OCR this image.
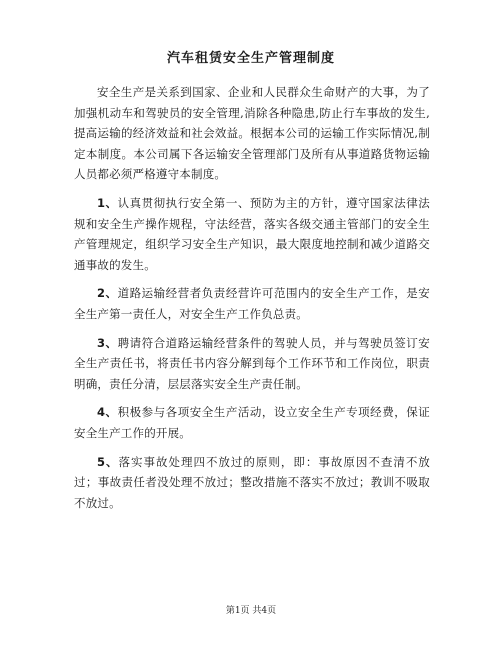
汽车租赁安全生产管理制度

安全生产是关系到国家、企业和人民群众生命财产的大事，为了加强机动车和驾驶员的安全管理,消除各种隐患,防止行车事故的发生,提高运输的经济效益和社会效益。根据本公司的运输工作实际情况,制定本制度。本公司属下各运输安全管理部门及所有从事道路货物运输人员都必须严格遵守本制度。

1、认真贯彻执行安全第一、预防为主的方针，遵守国家法律法规和安全生产操作规程，守法经营，落实各级交通主管部门的安全生产管理规定，组织学习安全生产知识，最大限度地控制和减少道路交通事故的发生。

2、道路运输经营者负责经营许可范围内的安全生产工作，是安全生产第一责任人，对安全生产工作负总责。

3、聘请符合道路运输经营条件的驾驶人员，并与驾驶员签订安全生产责任书，将责任书内容分解到每个工作环节和工作岗位，职责明确，责任分清，层层落实安全生产责任制。

4、积极参与各项安全生产活动，设立安全生产专项经费，保证安全生产工作的开展。

5、落实事故处理四不放过的原则，即：事故原因不查清不放过；事故责任者没处理不放过；整改措施不落实不放过；教训不吸取不放过。

第1页 共4页
